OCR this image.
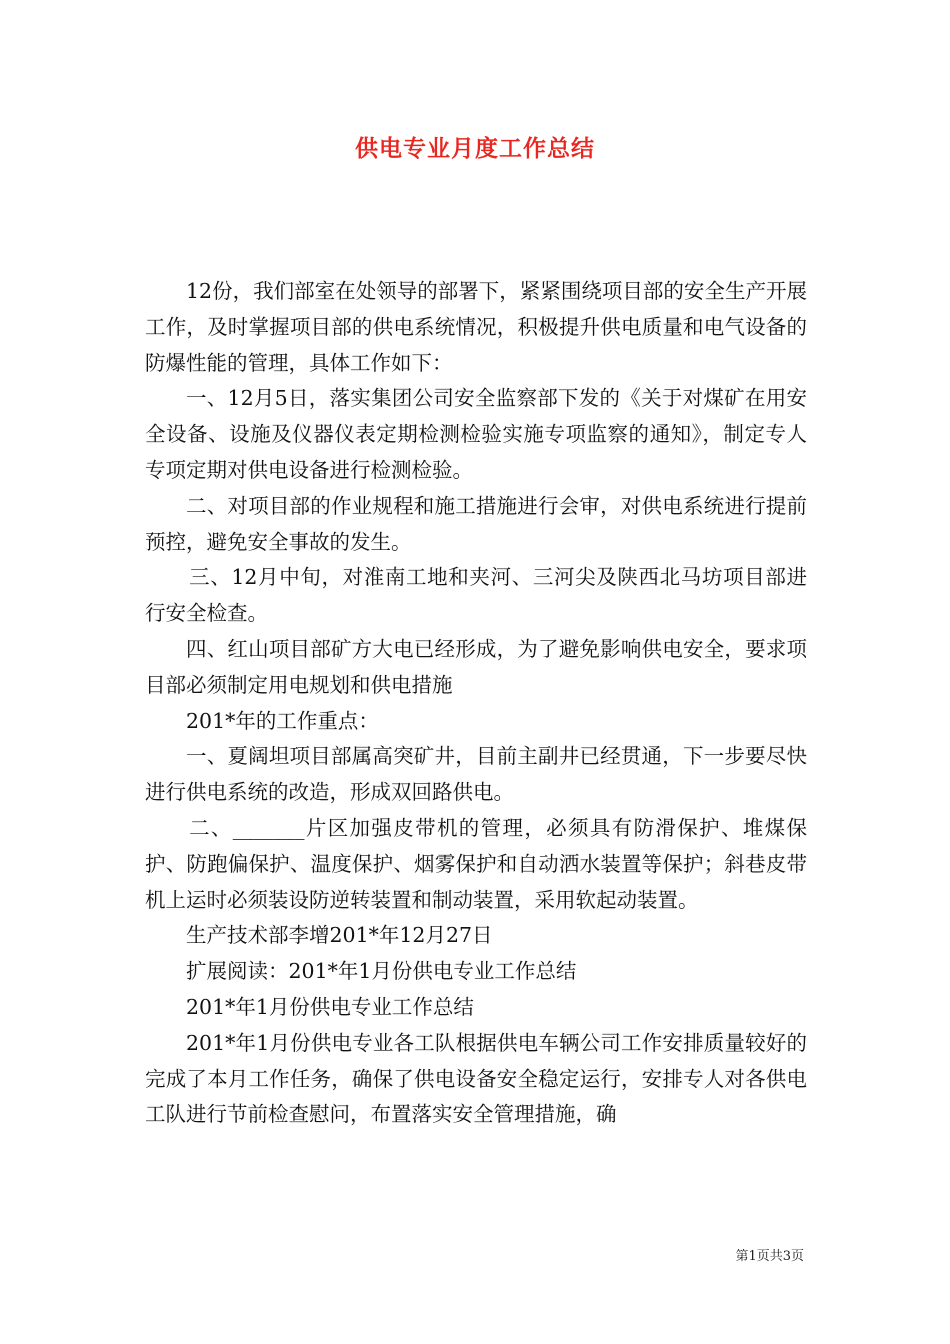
供电专业月度工作总结

12份，我们部室在处领导的部署下，紧紧围绕项目部的安全生产开展工作，及时掌握项目部的供电系统情况，积极提升供电质量和电气设备的防爆性能的管理，具体工作如下：

一、12月5日，落实集团公司安全监察部下发的《关于对煤矿在用安全设备、设施及仪器仪表定期检测检验实施专项监察的通知》，制定专人专项定期对供电设备进行检测检验。

二、对项目部的作业规程和施工措施进行会审，对供电系统进行提前预控，避免安全事故的发生。

三、12月中旬，对淮南工地和夹河、三河尖及陕西北马坊项目部进行安全检查。

四、红山项目部矿方大电已经形成，为了避免影响供电安全，要求项目部必须制定用电规划和供电措施

201*年的工作重点：

一、夏阔坦项目部属高突矿井，目前主副井已经贯通，下一步要尽快进行供电系统的改造，形成双回路供电。

二、_______片区加强皮带机的管理，必须具有防滑保护、堆煤保护、防跑偏保护、温度保护、烟雾保护和自动洒水装置等保护；斜巷皮带机上运时必须装设防逆转装置和制动装置，采用软起动装置。

生产技术部李增201*年12月27日

扩展阅读：201*年1月份供电专业工作总结

201*年1月份供电专业工作总结

201*年1月份供电专业各工队根据供电车辆公司工作安排质量较好的完成了本月工作任务，确保了供电设备安全稳定运行，安排专人对各供电工队进行节前检查慰问，布置落实安全管理措施，确

第1页共3页
